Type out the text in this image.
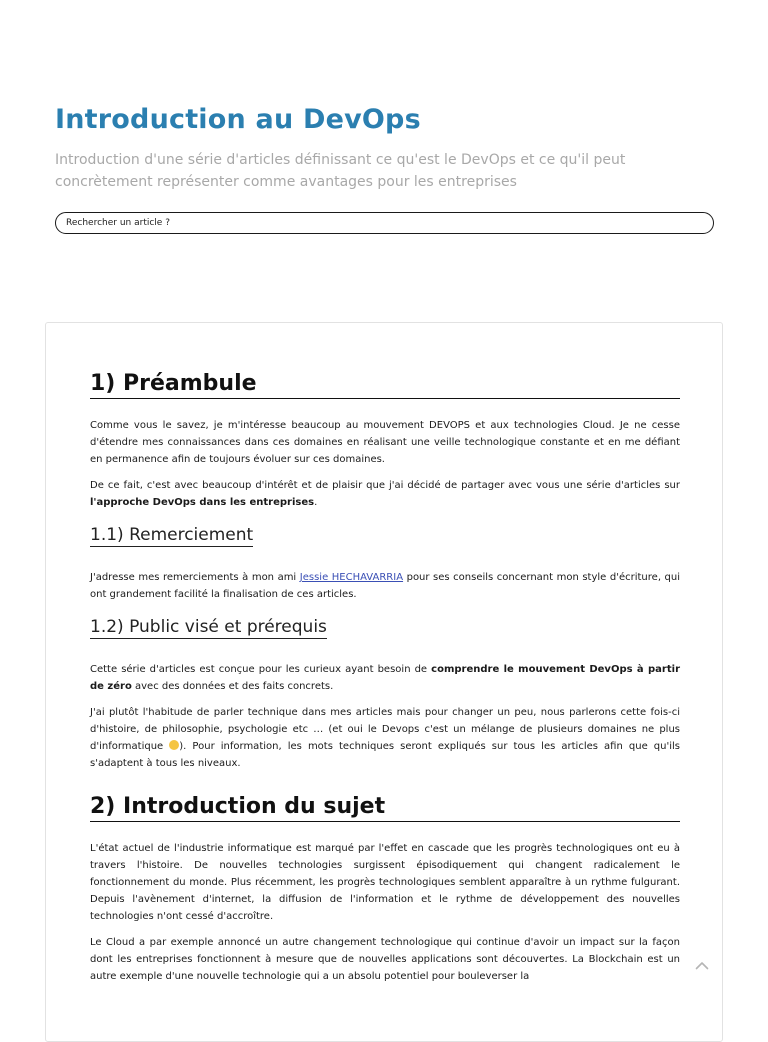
Introduction au DevOps

Introduction d'une série d'articles définissant ce qu'est le DevOps et ce qu'il peut concrètement représenter comme avantages pour les entreprises

Rechercher un article ?
1) Préambule

Comme vous le savez, je m'intéresse beaucoup au mouvement DEVOPS et aux technologies Cloud. Je ne cesse d'étendre mes connaissances dans ces domaines en réalisant une veille technologique constante et en me défiant en permanence afin de toujours évoluer sur ces domaines.

De ce fait, c'est avec beaucoup d'intérêt et de plaisir que j'ai décidé de partager avec vous une série d'articles sur l'approche DevOps dans les entreprises.

1.1) Remerciement

J'adresse mes remerciements à mon ami Jessie HECHAVARRIA pour ses conseils concernant mon style d'écriture, qui ont grandement facilité la finalisation de ces articles.

1.2) Public visé et prérequis

Cette série d'articles est conçue pour les curieux ayant besoin de comprendre le mouvement DevOps à partir de zéro avec des données et des faits concrets.

J'ai plutôt l'habitude de parler technique dans mes articles mais pour changer un peu, nous parlerons cette fois-ci d'histoire, de philosophie, psychologie etc … (et oui le Devops c'est un mélange de plusieurs domaines ne plus d'informatique ). Pour information, les mots techniques seront expliqués sur tous les articles afin que qu'ils s'adaptent à tous les niveaux.

2) Introduction du sujet

L'état actuel de l'industrie informatique est marqué par l'effet en cascade que les progrès technologiques ont eu à travers l'histoire. De nouvelles technologies surgissent épisodiquement qui changent radicalement le fonctionnement du monde. Plus récemment, les progrès technologiques semblent apparaître à un rythme fulgurant. Depuis l'avènement d'internet, la diffusion de l'information et le rythme de développement des nouvelles technologies n'ont cessé d'accroître.

Le Cloud a par exemple annoncé un autre changement technologique qui continue d'avoir un impact sur la façon dont les entreprises fonctionnent à mesure que de nouvelles applications sont découvertes. La Blockchain est un autre exemple d'une nouvelle technologie qui a un absolu potentiel pour bouleverser la
